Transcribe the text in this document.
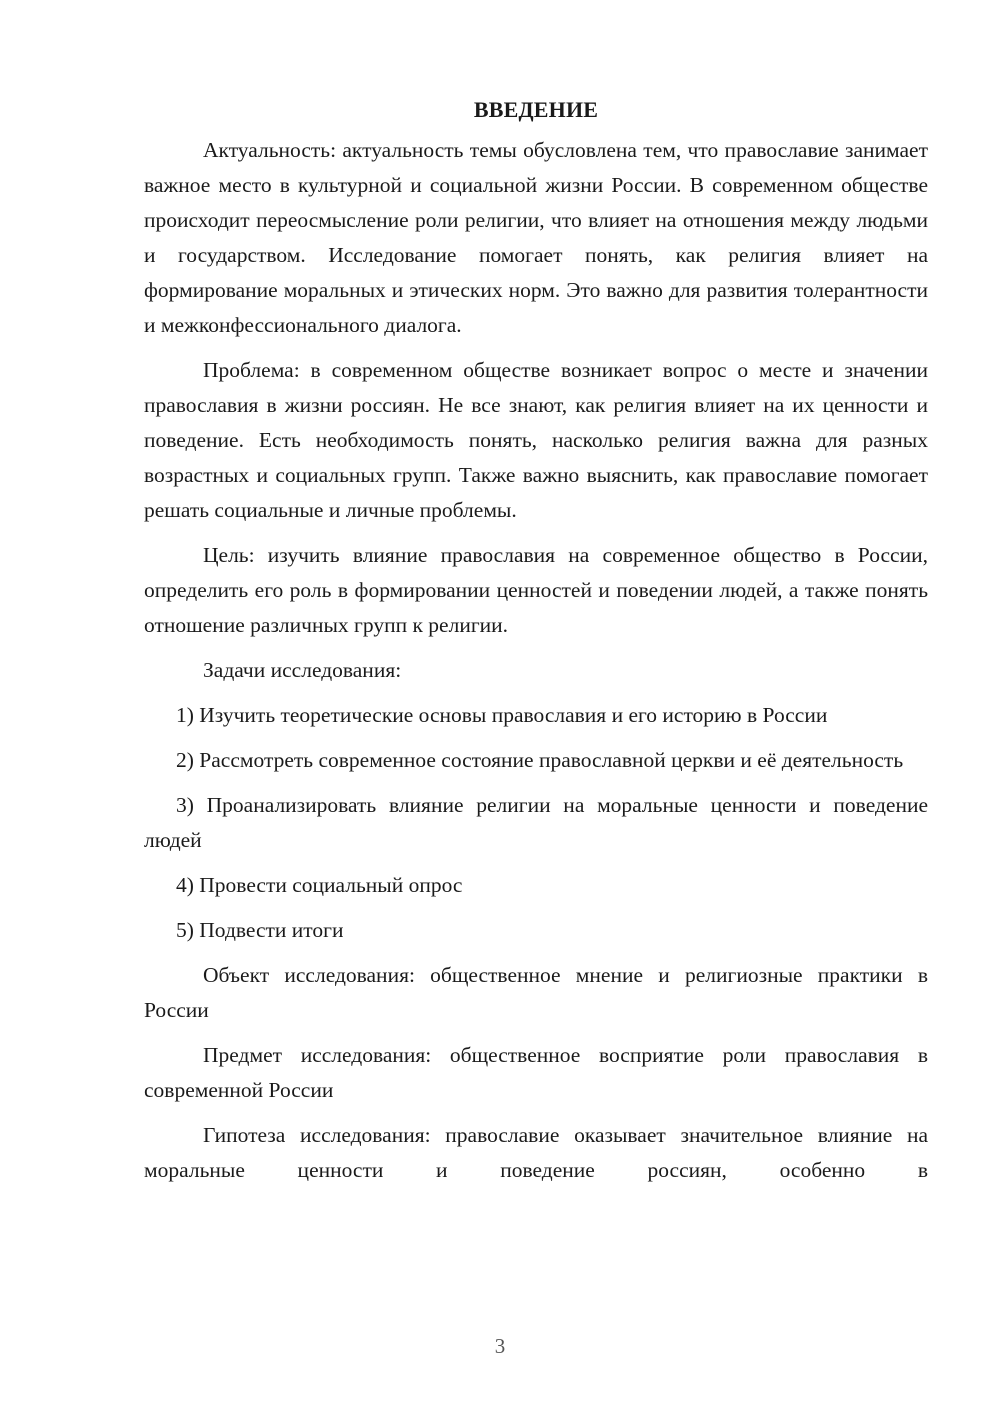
ВВЕДЕНИЕ

Актуальность: актуальность темы обусловлена тем, что православие занимает важное место в культурной и социальной жизни России. В современном обществе происходит переосмысление роли религии, что влияет на отношения между людьми и государством. Исследование помогает понять, как религия влияет на формирование моральных и этических норм. Это важно для развития толерантности и межконфессионального диалога.

Проблема: в современном обществе возникает вопрос о месте и значении православия в жизни россиян. Не все знают, как религия влияет на их ценности и поведение. Есть необходимость понять, насколько религия важна для разных возрастных и социальных групп. Также важно выяснить, как православие помогает решать социальные и личные проблемы.

Цель: изучить влияние православия на современное общество в России, определить его роль в формировании ценностей и поведении людей, а также понять отношение различных групп к религии.

Задачи исследования:

1) Изучить теоретические основы православия и его историю в России

2) Рассмотреть современное состояние православной церкви и её деятельность

3) Проанализировать влияние религии на моральные ценности и поведение людей

4) Провести социальный опрос

5) Подвести итоги

Объект исследования: общественное мнение и религиозные практики в России

Предмет исследования: общественное восприятие роли православия в современной России

Гипотеза исследования: православие оказывает значительное влияние на моральные ценности и поведение россиян, особенно в

3
